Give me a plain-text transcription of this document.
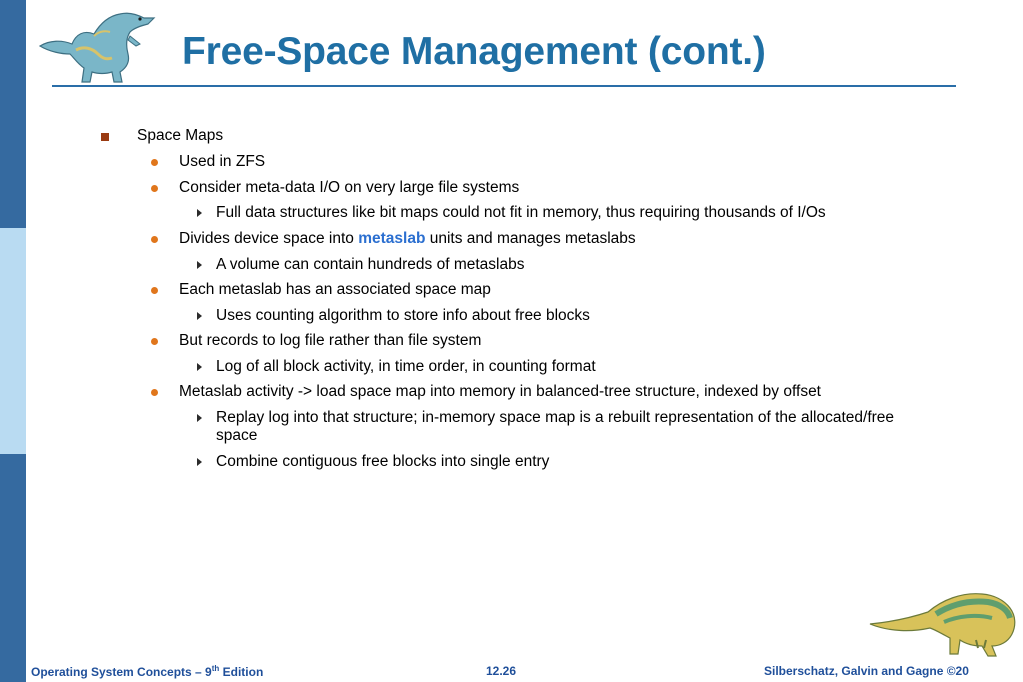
Free-Space Management (cont.)
Space Maps
Used in ZFS
Consider meta-data I/O on very large file systems
Full data structures like bit maps could not fit in memory, thus requiring thousands of I/Os
Divides device space into metaslab units and manages metaslabs
A volume can contain hundreds of metaslabs
Each metaslab has an associated space map
Uses counting algorithm to store info about free blocks
But records to log file rather than file system
Log of all block activity, in time order, in counting format
Metaslab activity -> load space map into memory in balanced-tree structure, indexed by offset
Replay log into that structure; in-memory space map is a rebuilt representation of the allocated/free
space
Combine contiguous free blocks into single entry
Operating System Concepts – 9th Edition	12.26	Silberschatz, Galvin and Gagne ©20
